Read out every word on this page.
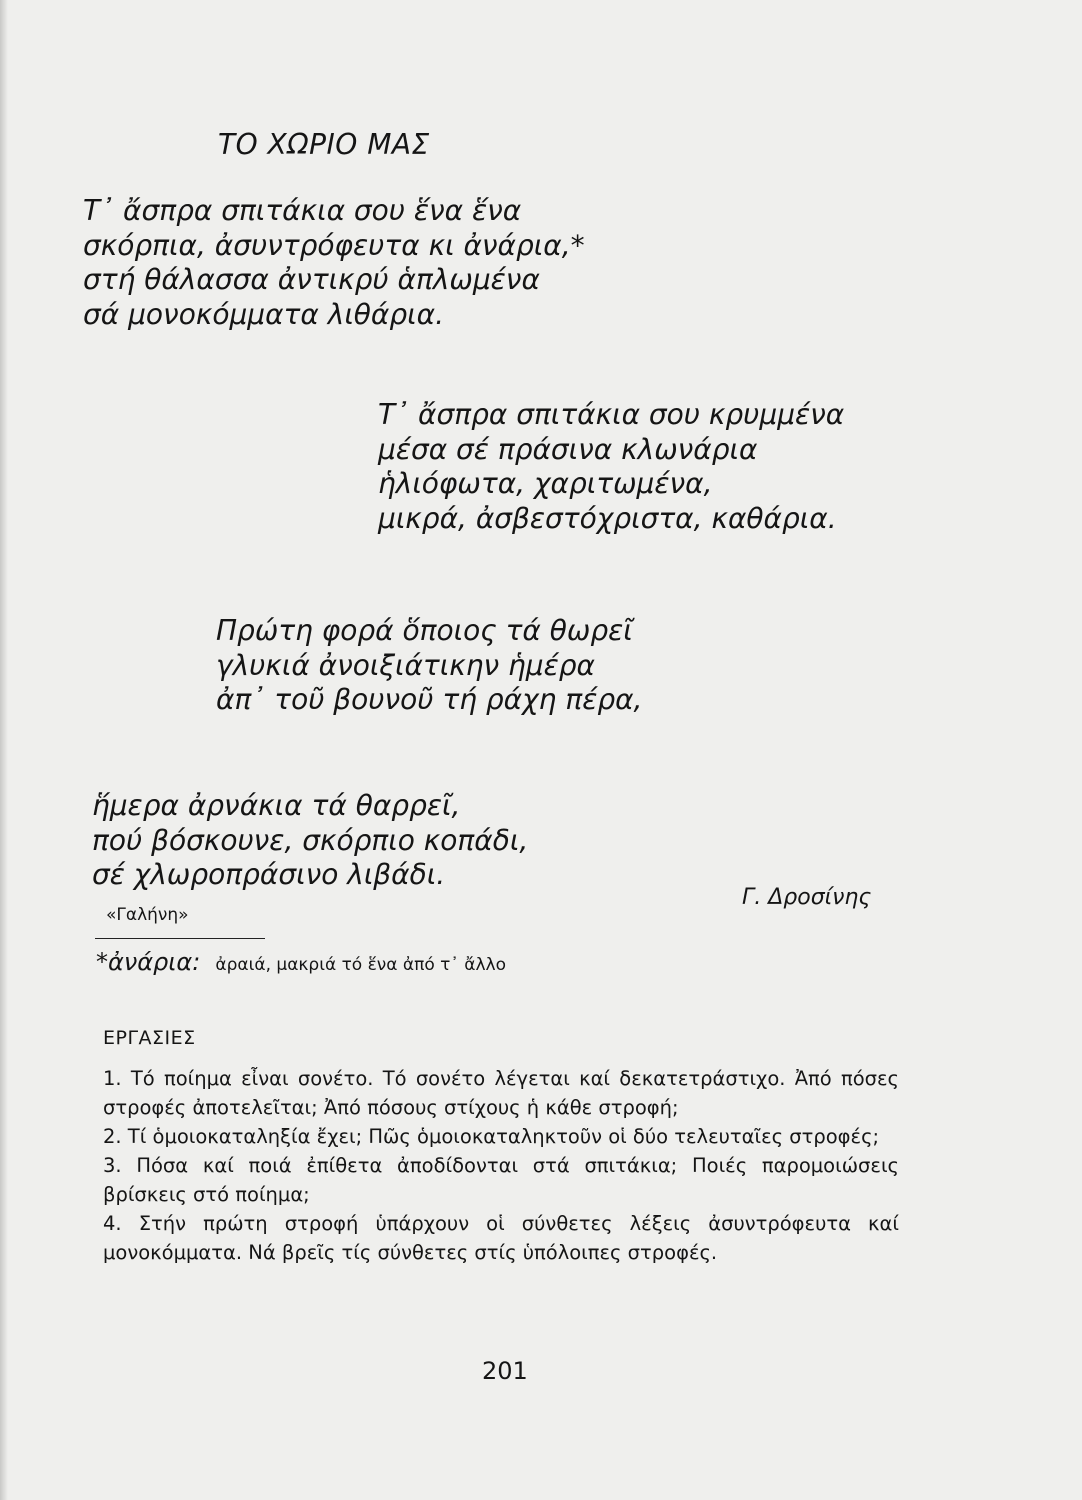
ΤΟ ΧΩΡΙΟ ΜΑΣ
Τ᾿ ἄσπρα σπιτάκια σου ἕνα ἕνα
σκόρπια, ἀσυντρόφευτα κι ἀνάρια,*
στή θάλασσα ἀντικρύ ἁπλωμένα
σά μονοκόμματα λιθάρια.
Τ᾿ ἄσπρα σπιτάκια σου κρυμμένα
μέσα σέ πράσινα κλωνάρια
ἡλιόφωτα, χαριτωμένα,
μικρά, ἀσβεστόχριστα, καθάρια.
Πρώτη φορά ὅποιος τά θωρεῖ
γλυκιά ἀνοιξιάτικην ἡμέρα
ἀπ᾿ τοῦ βουνοῦ τή ράχη πέρα,
ἥμερα ἀρνάκια τά θαρρεῖ,
πού βόσκουνε, σκόρπιο κοπάδι,
σέ χλωροπράσινο λιβάδι.
«Γαλήνη»
Γ. Δροσίνης
*ἀνάρια: ἀραιά, μακριά τό ἕνα ἀπό τ᾿ ἄλλο
ΕΡΓΑΣΙΕΣ
1. Τό ποίημα εἶναι σονέτο. Τό σονέτο λέγεται καί δεκατετράστιχο. Ἀπό πόσες στροφές ἀποτελεῖται; Ἀπό πόσους στίχους ἡ κάθε στροφή;
2. Τί ὁμοιοκαταληξία ἔχει; Πῶς ὁμοιοκαταληκτοῦν οἱ δύο τελευταῖες στροφές;
3. Πόσα καί ποιά ἐπίθετα ἀποδίδονται στά σπιτάκια; Ποιές παρομοιώσεις βρίσκεις στό ποίημα;
4. Στήν πρώτη στροφή ὑπάρχουν οἱ σύνθετες λέξεις ἀσυντρόφευτα καί μονοκόμματα. Νά βρεῖς τίς σύνθετες στίς ὑπόλοιπες στροφές.
201
